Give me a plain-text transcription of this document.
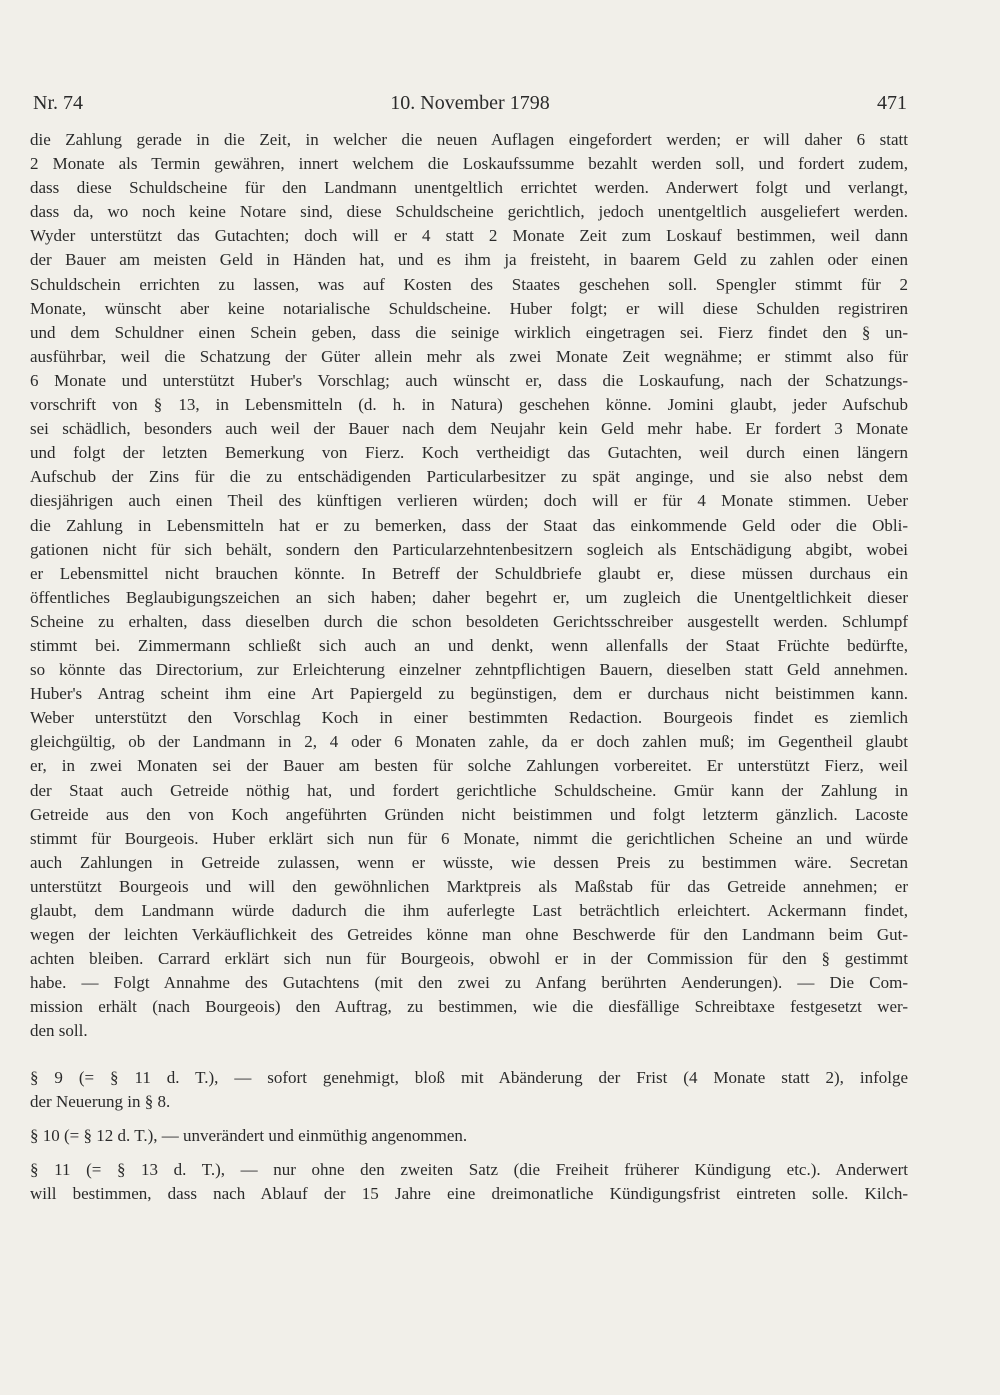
Nr. 74	10. November 1798	471
die Zahlung gerade in die Zeit, in welcher die neuen Auflagen eingefordert werden; er will daher 6 statt
2 Monate als Termin gewähren, innert welchem die Loskaufssumme bezahlt werden soll, und fordert zudem,
dass diese Schuldscheine für den Landmann unentgeltlich errichtet werden. Anderwert folgt und verlangt,
dass da, wo noch keine Notare sind, diese Schuldscheine gerichtlich, jedoch unentgeltlich ausgeliefert werden.
Wyder unterstützt das Gutachten; doch will er 4 statt 2 Monate Zeit zum Loskauf bestimmen, weil dann
der Bauer am meisten Geld in Händen hat, und es ihm ja freisteht, in baarem Geld zu zahlen oder einen
Schuldschein errichten zu lassen, was auf Kosten des Staates geschehen soll. Spengler stimmt für 2
Monate, wünscht aber keine notarialische Schuldscheine. Huber folgt; er will diese Schulden registriren
und dem Schuldner einen Schein geben, dass die seinige wirklich eingetragen sei. Fierz findet den § un-
ausführbar, weil die Schatzung der Güter allein mehr als zwei Monate Zeit wegnähme; er stimmt also für
6 Monate und unterstützt Huber's Vorschlag; auch wünscht er, dass die Loskaufung, nach der Schatzungs-
vorschrift von § 13, in Lebensmitteln (d. h. in Natura) geschehen könne. Jomini glaubt, jeder Aufschub
sei schädlich, besonders auch weil der Bauer nach dem Neujahr kein Geld mehr habe. Er fordert 3 Monate
und folgt der letzten Bemerkung von Fierz. Koch vertheidigt das Gutachten, weil durch einen längern
Aufschub der Zins für die zu entschädigenden Particularbesitzer zu spät anginge, und sie also nebst dem
diesjährigen auch einen Theil des künftigen verlieren würden; doch will er für 4 Monate stimmen. Ueber
die Zahlung in Lebensmitteln hat er zu bemerken, dass der Staat das einkommende Geld oder die Obli-
gationen nicht für sich behält, sondern den Particularzehntenbesitzern sogleich als Entschädigung abgibt, wobei
er Lebensmittel nicht brauchen könnte. In Betreff der Schuldbriefe glaubt er, diese müssen durchaus ein
öffentliches Beglaubigungszeichen an sich haben; daher begehrt er, um zugleich die Unentgeltlichkeit dieser
Scheine zu erhalten, dass dieselben durch die schon besoldeten Gerichtsschreiber ausgestellt werden. Schlumpf
stimmt bei. Zimmermann schließt sich auch an und denkt, wenn allenfalls der Staat Früchte bedürfte,
so könnte das Directorium, zur Erleichterung einzelner zehntpflichtigen Bauern, dieselben statt Geld annehmen.
Huber's Antrag scheint ihm eine Art Papiergeld zu begünstigen, dem er durchaus nicht beistimmen kann.
Weber unterstützt den Vorschlag Koch in einer bestimmten Redaction. Bourgeois findet es ziemlich
gleichgültig, ob der Landmann in 2, 4 oder 6 Monaten zahle, da er doch zahlen muß; im Gegentheil glaubt
er, in zwei Monaten sei der Bauer am besten für solche Zahlungen vorbereitet. Er unterstützt Fierz, weil
der Staat auch Getreide nöthig hat, und fordert gerichtliche Schuldscheine. Gmür kann der Zahlung in
Getreide aus den von Koch angeführten Gründen nicht beistimmen und folgt letzterm gänzlich. Lacoste
stimmt für Bourgeois. Huber erklärt sich nun für 6 Monate, nimmt die gerichtlichen Scheine an und würde
auch Zahlungen in Getreide zulassen, wenn er wüsste, wie dessen Preis zu bestimmen wäre. Secretan
unterstützt Bourgeois und will den gewöhnlichen Marktpreis als Maßstab für das Getreide annehmen; er
glaubt, dem Landmann würde dadurch die ihm auferlegte Last beträchtlich erleichtert. Ackermann findet,
wegen der leichten Verkäuflichkeit des Getreides könne man ohne Beschwerde für den Landmann beim Gut-
achten bleiben. Carrard erklärt sich nun für Bourgeois, obwohl er in der Commission für den § gestimmt
habe. — Folgt Annahme des Gutachtens (mit den zwei zu Anfang berührten Aenderungen). — Die Com-
mission erhält (nach Bourgeois) den Auftrag, zu bestimmen, wie die diesfällige Schreibtaxe festgesetzt wer-
den soll.
§ 9 (= § 11 d. T.), — sofort genehmigt, bloß mit Abänderung der Frist (4 Monate statt 2), infolge
der Neuerung in § 8.
§ 10 (= § 12 d. T.), — unverändert und einmüthig angenommen.
§ 11 (= § 13 d. T.), — nur ohne den zweiten Satz (die Freiheit früherer Kündigung etc.). Anderwert
will bestimmen, dass nach Ablauf der 15 Jahre eine dreimonatliche Kündigungsfrist eintreten solle. Kilch-
